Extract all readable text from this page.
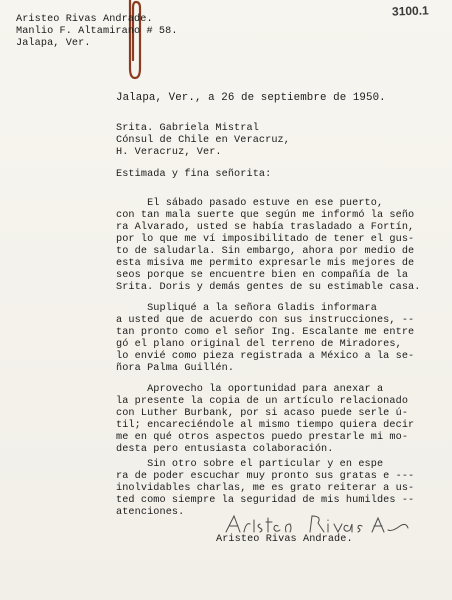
3100.1
Aristeo Rivas Andrade.
Manlio F. Altamirano # 58.
Jalapa, Ver.
Jalapa, Ver., a 26 de septiembre de 1950.
Srita. Gabriela Mistral
Cónsul de Chile en Veracruz,
H. Veracruz, Ver.
Estimada y fina señorita:
El sábado pasado estuve en ese puerto,
con tan mala suerte que según me informó la seño
ra Alvarado, usted se había trasladado a Fortín,
por lo que me ví imposibilitado de tener el gus-
to de saludarla. Sin embargo, ahora por medio de
esta misiva me permito expresarle mis mejores de
seos porque se encuentre bien en compañía de la
Srita. Doris y demás gentes de su estimable casa.
Supliqué a la señora Gladis informara
a usted que de acuerdo con sus instrucciones, --
tan pronto como el señor Ing. Escalante me entre
gó el plano original del terreno de Miradores,
lo envié como pieza registrada a México a la se-
ñora Palma Guillén.
Aprovecho la oportunidad para anexar a
la presente la copia de un artículo relacionado
con Luther Burbank, por si acaso puede serle ú-
til; encareciéndole al mismo tiempo quiera decir
me en qué otros aspectos puedo prestarle mi mo-
desta pero entusiasta colaboración.
Sin otro sobre el particular y en espe
ra de poder escuchar muy pronto sus gratas e ---
inolvidables charlas, me es grato reiterar a us-
ted como siempre la seguridad de mis humildes --
atenciones.
Aristeo Rivas Andrade.
